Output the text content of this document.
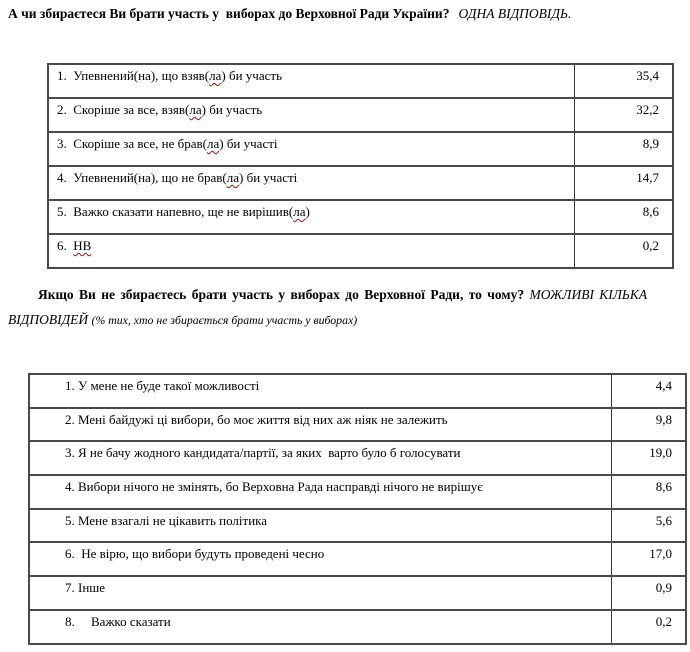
А чи збираєтеся Ви брати участь у  виборах до Верховної Ради України? ОДНА ВІДПОВІДЬ.
1.  Упевнений(на), що взяв(ла) би участь	35,4
2.  Скоріше за все, взяв(ла) би участь	32,2
3.  Скоріше за все, не брав(ла) би участі	8,9
4.  Упевнений(на), що не брав(ла) би участі	14,7
5.  Важко сказати напевно, ще не вирішив(ла)	8,6
6.  НВ	0,2
Якщо Ви не збираєтесь брати участь у виборах до Верховної Ради, то чому? МОЖЛИВІ КІЛЬКА
ВІДПОВІДЕЙ (% тих, хто не збирається брати участь у виборах)
1. У мене не буде такої можливості	4,4
2. Мені байдужі ці вибори, бо моє життя від них аж ніяк не залежить	9,8
3. Я не бачу жодного кандидата/партії, за яких  варто було б голосувати	19,0
4. Вибори нічого не змінять, бо Верховна Рада насправді нічого не вирішує	8,6
5. Мене взагалі не цікавить політика	5,6
6.  Не вірю, що вибори будуть проведені чесно	17,0
7. Інше	0,9
8.     Важко сказати	0,2
